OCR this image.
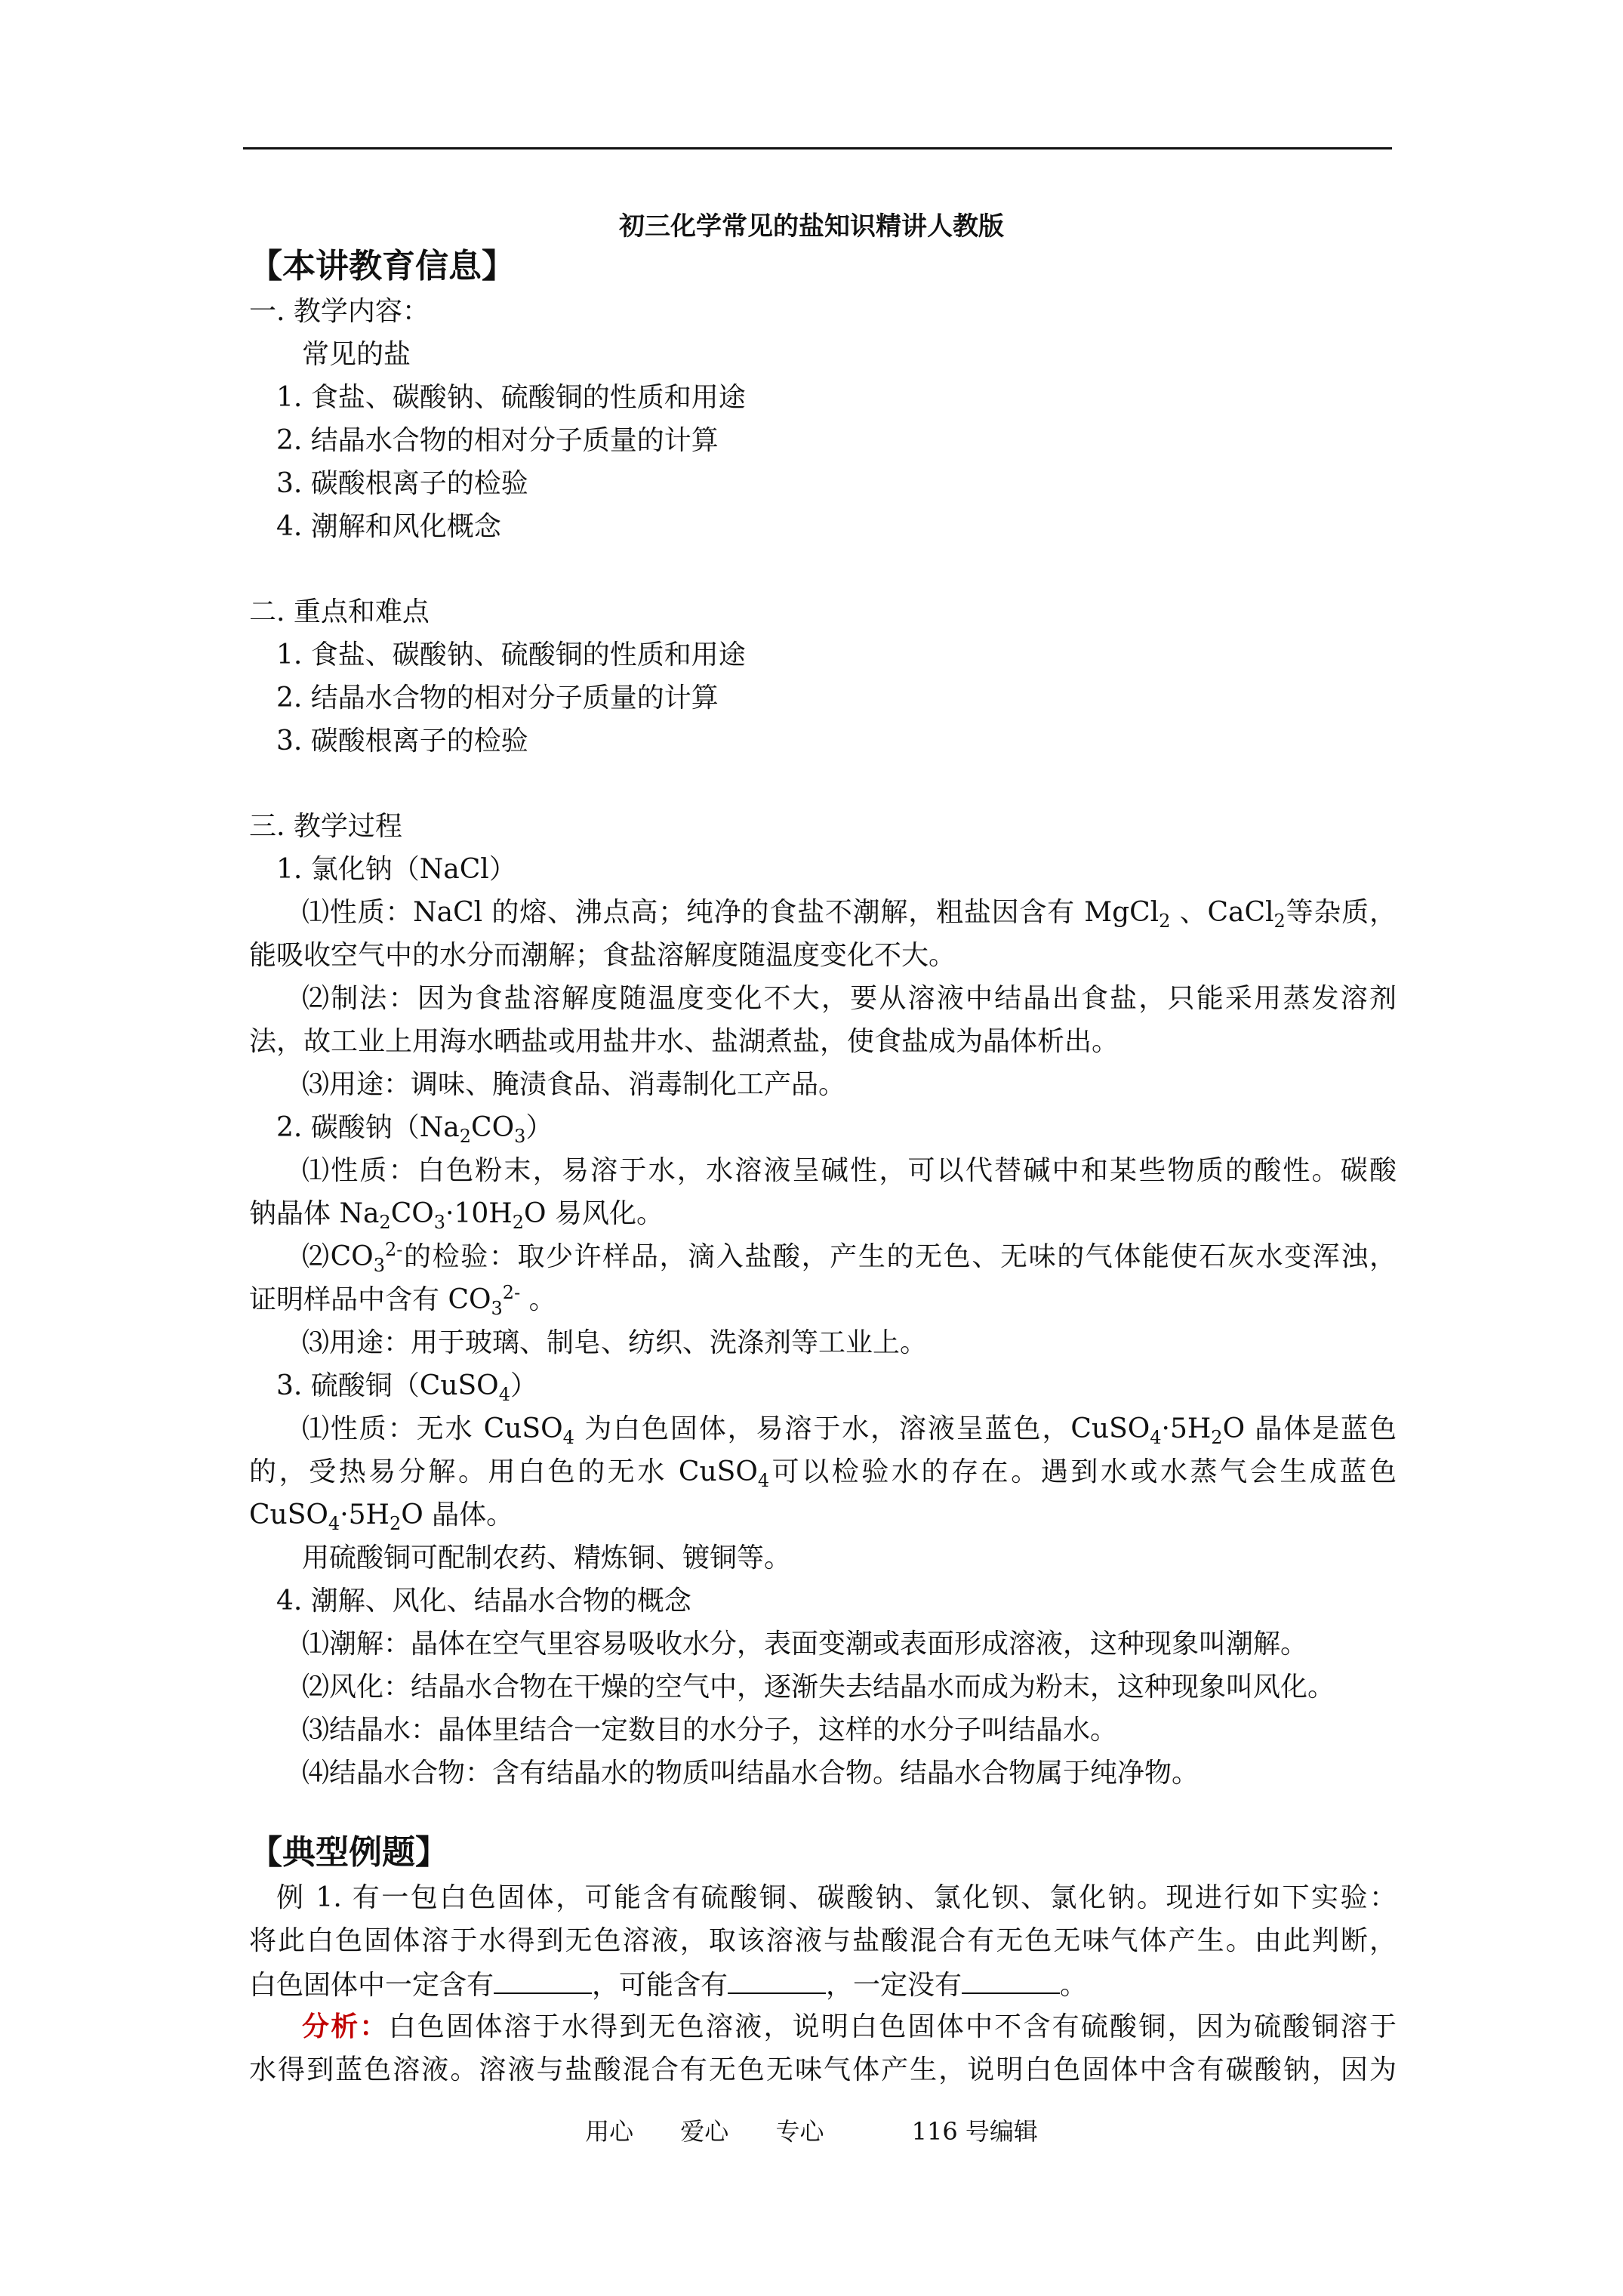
初三化学常见的盐知识精讲人教版
【本讲教育信息】
一. 教学内容：
常见的盐
1. 食盐、碳酸钠、硫酸铜的性质和用途
2. 结晶水合物的相对分子质量的计算
3. 碳酸根离子的检验
4. 潮解和风化概念
二. 重点和难点
1. 食盐、碳酸钠、硫酸铜的性质和用途
2. 结晶水合物的相对分子质量的计算
3. 碳酸根离子的检验
三. 教学过程
1. 氯化钠（NaCl）
⑴性质：NaCl 的熔、沸点高；纯净的食盐不潮解，粗盐因含有 MgCl$_2$ 、CaCl$_2$等杂质，
能吸收空气中的水分而潮解；食盐溶解度随温度变化不大。
⑵制法：因为食盐溶解度随温度变化不大，要从溶液中结晶出食盐，只能采用蒸发溶剂
法，故工业上用海水晒盐或用盐井水、盐湖煮盐，使食盐成为晶体析出。
⑶用途：调味、腌渍食品、消毒制化工产品。
2. 碳酸钠$(Na_2CO_3)$
⑴性质：白色粉末，易溶于水，水溶液呈碱性，可以代替碱中和某些物质的酸性。碳酸
钠晶体 $Na_2CO_3\cdot 10H_2O$ 易风化。
$⑵CO_3^{2-}$的检验：取少许样品，滴入盐酸，产生的无色、无味的气体能使石灰水变浑浊，
证明样品中含有 $CO_3^{2-}$ 。
⑶用途：用于玻璃、制皂、纺织、洗涤剂等工业上。
3. 硫酸铜（CuSO$_4$）
⑴性质：无水 CuSO$_4$ 为白色固体，易溶于水，溶液呈蓝色，$CuSO_4\cdot 5H_2O$ 晶体是蓝色
的，受热易分解。用白色的无水 CuSO$_4$可以检验水的存在。遇到水或水蒸气会生成蓝色
$CuSO_4\cdot 5H_2O$ 晶体。
用硫酸铜可配制农药、精炼铜、镀铜等。
4. 潮解、风化、结晶水合物的概念
⑴潮解：晶体在空气里容易吸收水分，表面变潮或表面形成溶液，这种现象叫潮解。
⑵风化：结晶水合物在干燥的空气中，逐渐失去结晶水而成为粉末，这种现象叫风化。
⑶结晶水：晶体里结合一定数目的水分子，这样的水分子叫结晶水。
⑷结晶水合物：含有结晶水的物质叫结晶水合物。结晶水合物属于纯净物。
【典型例题】
例 1. 有一包白色固体，可能含有硫酸铜、碳酸钠、氯化钡、氯化钠。现进行如下实验：
将此白色固体溶于水得到无色溶液，取该溶液与盐酸混合有无色无味气体产生。由此判断，
白色固体中一定含有	，可能含有	，一定没有	。
分析：白色固体溶于水得到无色溶液，说明白色固体中不含有硫酸铜，因为硫酸铜溶于
水得到蓝色溶液。溶液与盐酸混合有无色无味气体产生，说明白色固体中含有碳酸钠，因为
用心 爱心 专心	116 号编辑
